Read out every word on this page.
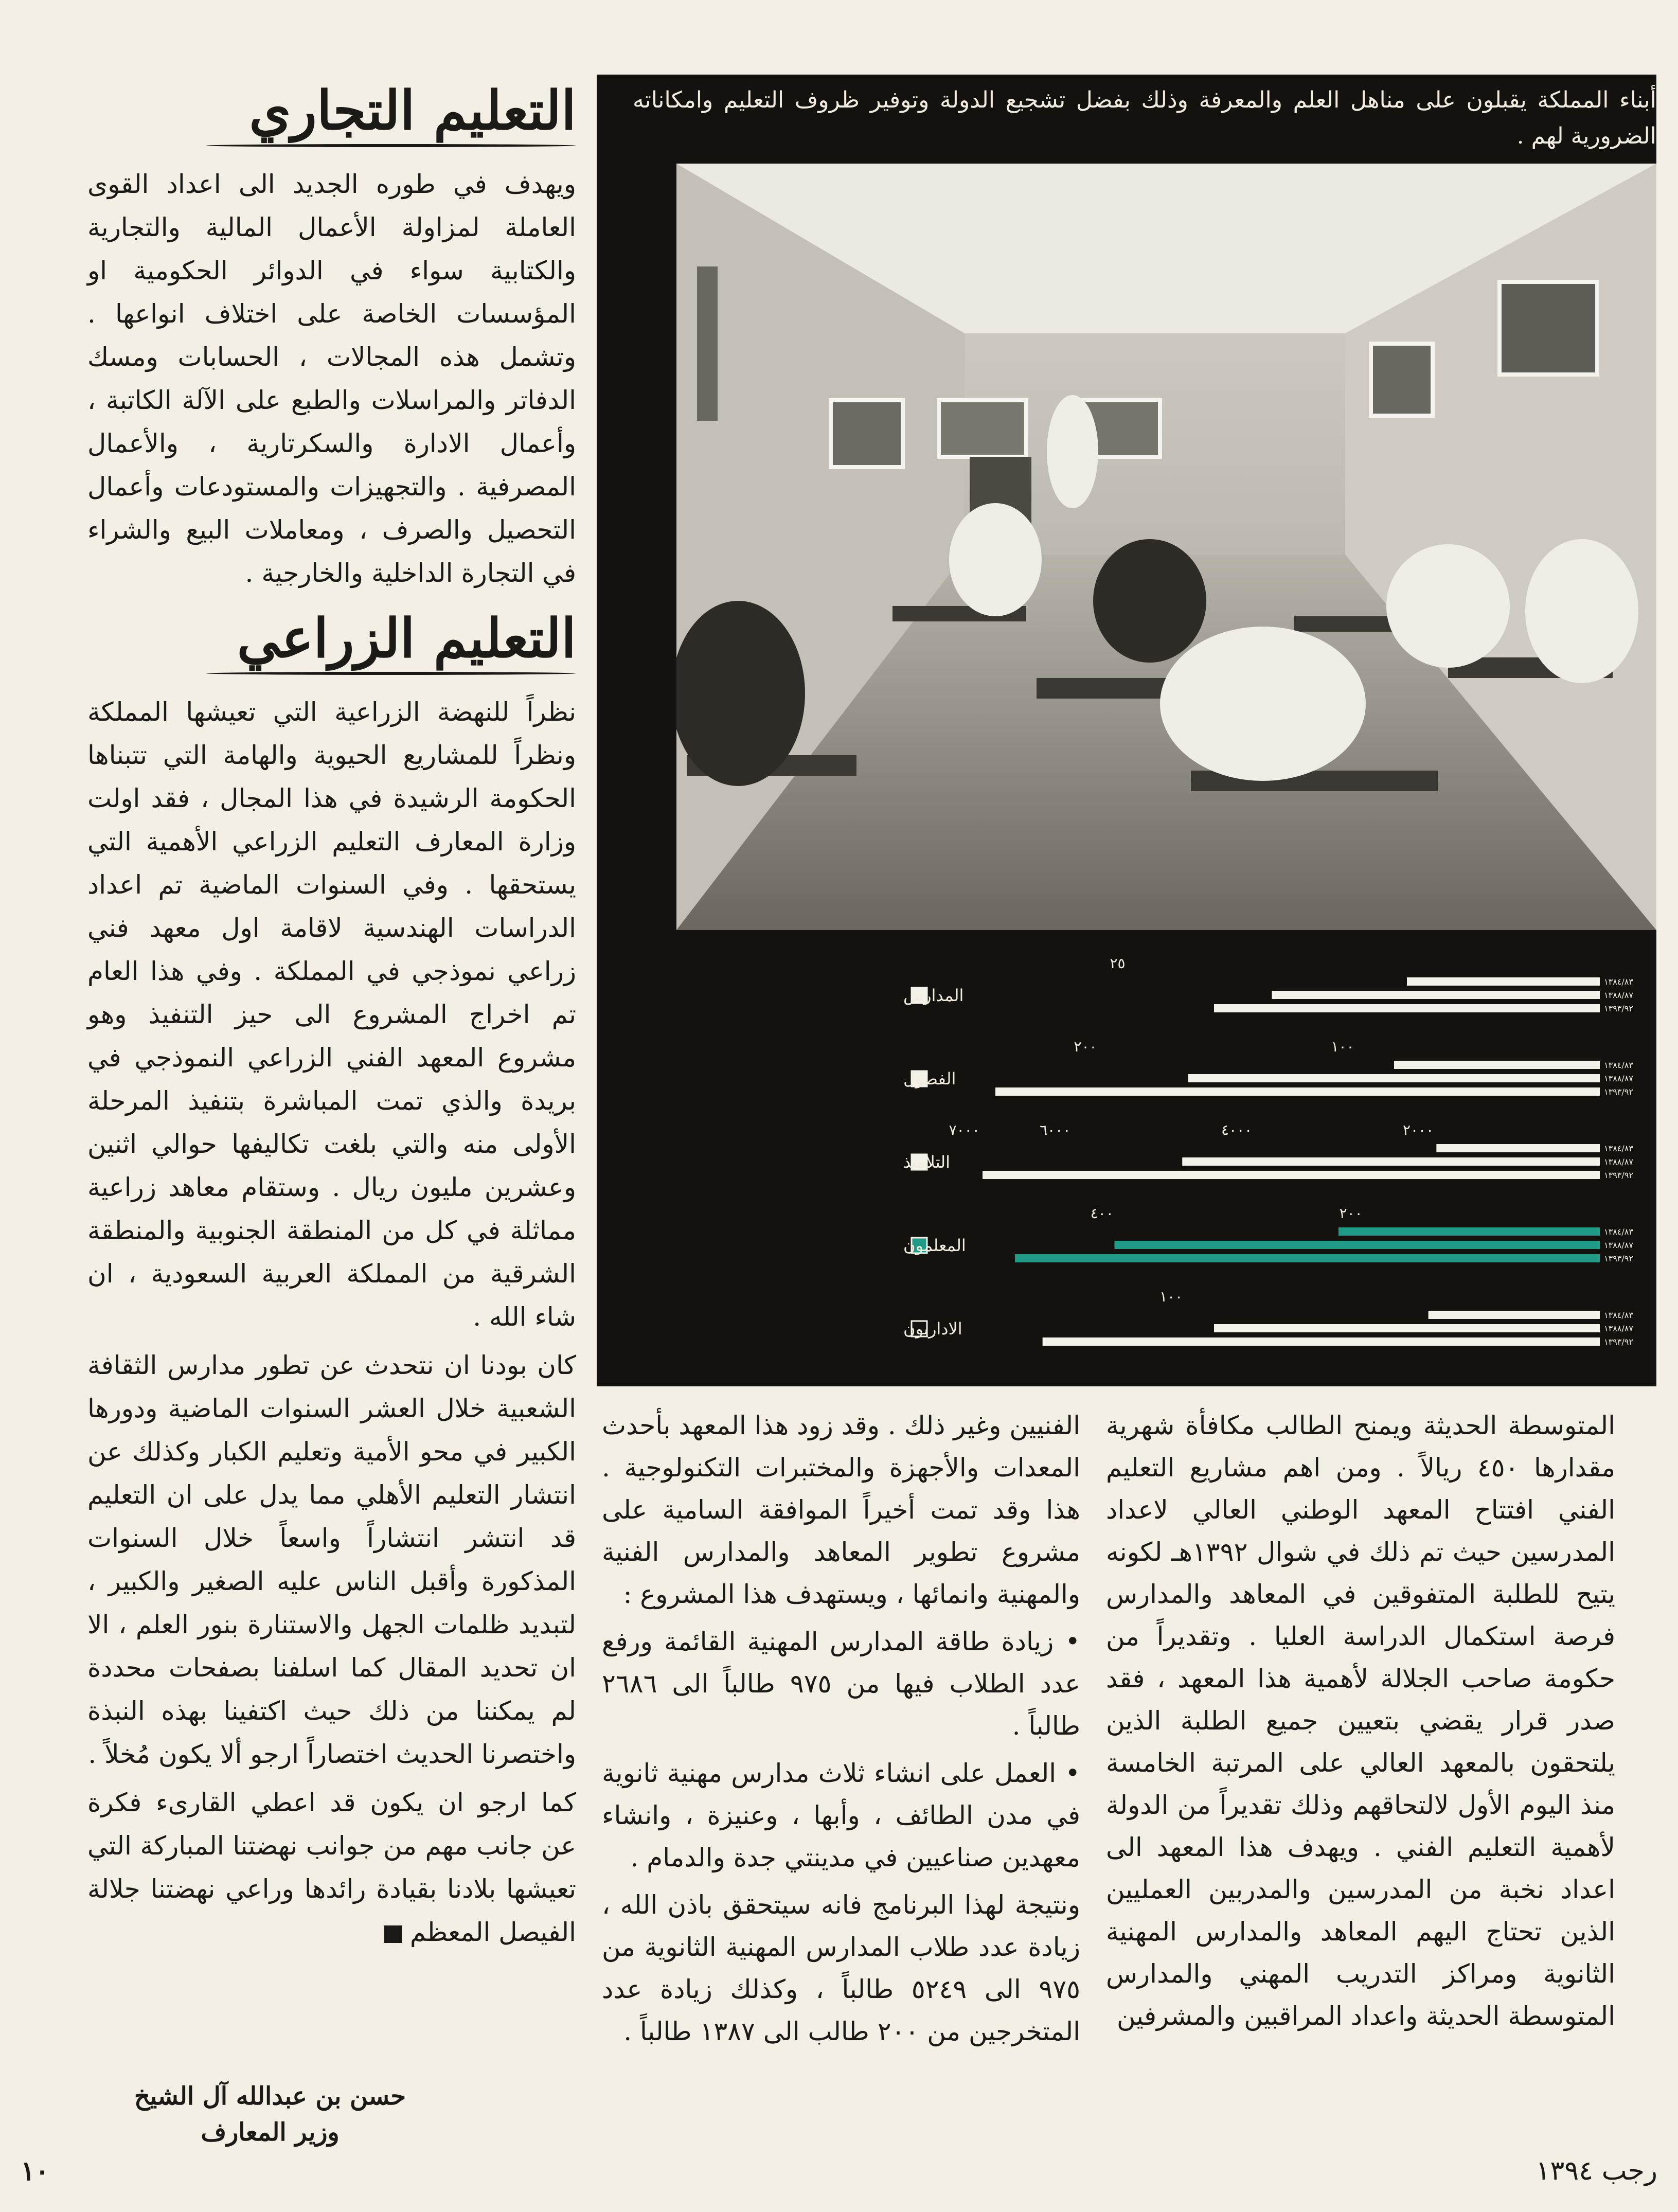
التعليم التجاري

ويهدف في طوره الجديد الى اعداد القوى العاملة لمزاولة الأعمال المالية والتجارية والكتابية سواء في الدوائر الحكومية او المؤسسات الخاصة على اختلاف انواعها . وتشمل هذه المجالات ، الحسابات ومسك الدفاتر والمراسلات والطبع على الآلة الكاتبة ، وأعمال الادارة والسكرتارية ، والأعمال المصرفية . والتجهيزات والمستودعات وأعمال التحصيل والصرف ، ومعاملات البيع والشراء في التجارة الداخلية والخارجية .

التعليم الزراعي

نظراً للنهضة الزراعية التي تعيشها المملكة ونظراً للمشاريع الحيوية والهامة التي تتبناها الحكومة الرشيدة في هذا المجال ، فقد اولت وزارة المعارف التعليم الزراعي الأهمية التي يستحقها . وفي السنوات الماضية تم اعداد الدراسات الهندسية لاقامة اول معهد فني زراعي نموذجي في المملكة . وفي هذا العام تم اخراج المشروع الى حيز التنفيذ وهو مشروع المعهد الفني الزراعي النموذجي في بريدة والذي تمت المباشرة بتنفيذ المرحلة الأولى منه والتي بلغت تكاليفها حوالي اثنين وعشرين مليون ريال . وستقام معاهد زراعية مماثلة في كل من المنطقة الجنوبية والمنطقة الشرقية من المملكة العربية السعودية ، ان شاء الله .

كان بودنا ان نتحدث عن تطور مدارس الثقافة الشعبية خلال العشر السنوات الماضية ودورها الكبير في محو الأمية وتعليم الكبار وكذلك عن انتشار التعليم الأهلي مما يدل على ان التعليم قد انتشر انتشاراً واسعاً خلال السنوات المذكورة وأقبل الناس عليه الصغير والكبير ، لتبديد ظلمات الجهل والاستنارة بنور العلم ، الا ان تحديد المقال كما اسلفنا بصفحات محددة لم يمكننا من ذلك حيث اكتفينا بهذه النبذة واختصرنا الحديث اختصاراً ارجو ألا يكون مُخلاً .

كما ارجو ان يكون قد اعطي القارىء فكرة عن جانب مهم من جوانب نهضتنا المباركة التي تعيشها بلادنا بقيادة رائدها وراعي نهضتنا جلالة الفيصل المعظم

حسن بن عبدالله آل الشيخ
وزير المعارف
أبناء المملكة يقبلون على مناهل العلم والمعرفة وذلك بفضل تشجيع الدولة وتوفير ظروف التعليم وامكاناته الضرورية لهم .
المدارس
٢٥
١٣٨٤/٨٣
١٣٨٨/٨٧
١٣٩٣/٩٢
الفصول
٢٠٠	١٠٠
١٣٨٤/٨٣
١٣٨٨/٨٧
١٣٩٣/٩٢
التلاميذ
٧٠٠٠	٦٠٠٠	٤٠٠٠	٢٠٠٠
١٣٨٤/٨٣
١٣٨٨/٨٧
١٣٩٣/٩٢
المعلمون
٤٠٠	٢٠٠
١٣٨٤/٨٣
١٣٨٨/٨٧
١٣٩٣/٩٢
الاداريون
١٠٠
١٣٨٤/٨٣
١٣٨٨/٨٧
١٣٩٣/٩٢

الفنيين وغير ذلك . وقد زود هذا المعهد بأحدث المعدات والأجهزة والمختبرات التكنولوجية . هذا وقد تمت أخيراً الموافقة السامية على مشروع تطوير المعاهد والمدارس الفنية والمهنية وانمائها ، ويستهدف هذا المشروع :

• زيادة طاقة المدارس المهنية القائمة ورفع عدد الطلاب فيها من ٩٧٥ طالباً الى ٢٦٨٦ طالباً .

• العمل على انشاء ثلاث مدارس مهنية ثانوية في مدن الطائف ، وأبها ، وعنيزة ، وانشاء معهدين صناعيين في مدينتي جدة والدمام .

ونتيجة لهذا البرنامج فانه سيتحقق باذن الله ، زيادة عدد طلاب المدارس المهنية الثانوية من ٩٧٥ الى ٥٢٤٩ طالباً ، وكذلك زيادة عدد المتخرجين من ٢٠٠ طالب الى ١٣٨٧ طالباً .

المتوسطة الحديثة ويمنح الطالب مكافأة شهرية مقدارها ٤٥٠ ريالاً . ومن اهم مشاريع التعليم الفني افتتاح المعهد الوطني العالي لاعداد المدرسين حيث تم ذلك في شوال ١٣٩٢هـ لكونه يتيح للطلبة المتفوقين في المعاهد والمدارس فرصة استكمال الدراسة العليا . وتقديراً من حكومة صاحب الجلالة لأهمية هذا المعهد ، فقد صدر قرار يقضي بتعيين جميع الطلبة الذين يلتحقون بالمعهد العالي على المرتبة الخامسة منذ اليوم الأول لالتحاقهم وذلك تقديراً من الدولة لأهمية التعليم الفني . ويهدف هذا المعهد الى اعداد نخبة من المدرسين والمدربين العمليين الذين تحتاج اليهم المعاهد والمدارس المهنية الثانوية ومراكز التدريب المهني والمدارس المتوسطة الحديثة واعداد المراقبين والمشرفين

١٠	رجب ١٣٩٤
